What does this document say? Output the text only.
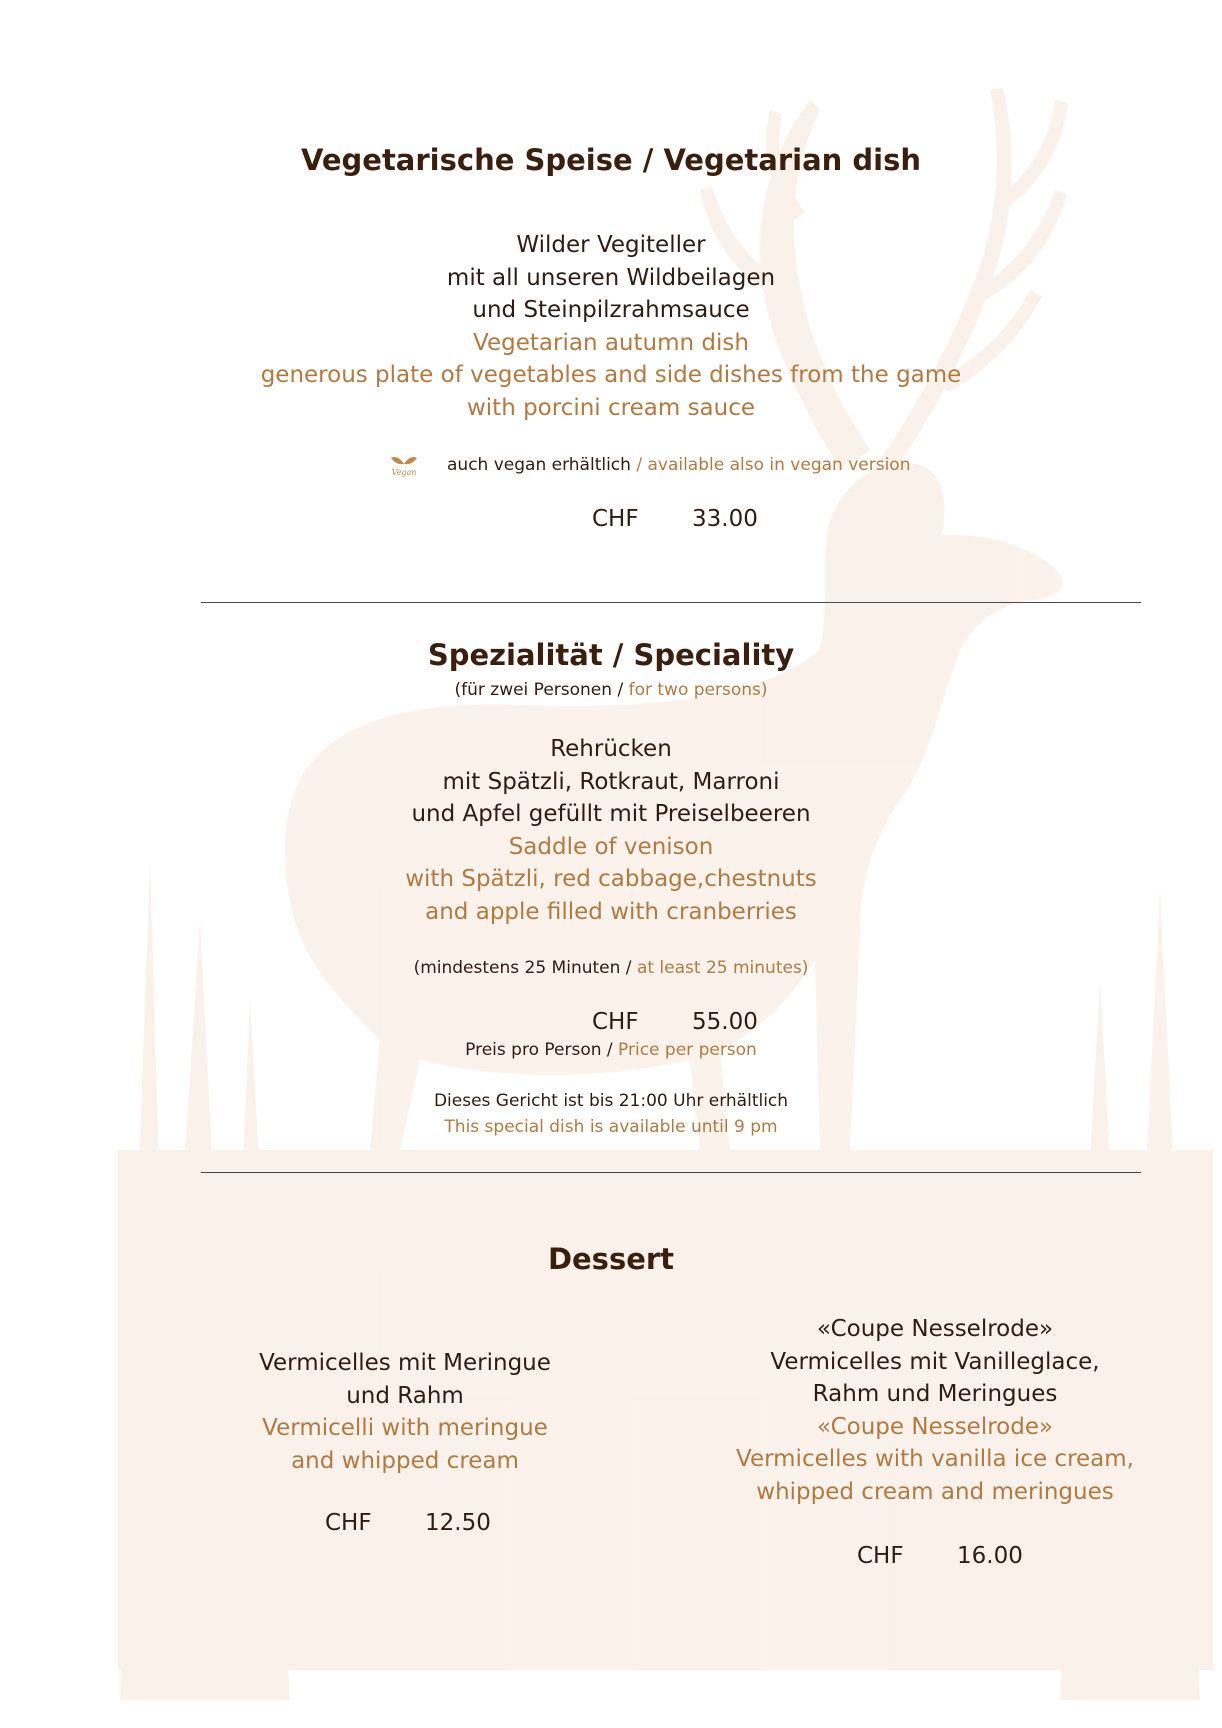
Vegetarische Speise / Vegetarian dish
Wilder Vegiteller
mit all unseren Wildbeilagen
und Steinpilzrahmsauce
Vegetarian autumn dish
generous plate of vegetables and side dishes from the game
with porcini cream sauce
Vegan auch vegan erhältlich / available also in vegan version
CHF 33.00
Spezialität / Speciality
(für zwei Personen / for two persons)
Rehrücken
mit Spätzli, Rotkraut, Marroni
und Apfel gefüllt mit Preiselbeeren
Saddle of venison
with Spätzli, red cabbage,chestnuts
and apple filled with cranberries
(mindestens 25 Minuten / at least 25 minutes)
CHF 55.00
Preis pro Person / Price per person
Dieses Gericht ist bis 21:00 Uhr erhältlich
This special dish is available until 9 pm
Dessert
Vermicelles mit Meringue
und Rahm
Vermicelli with meringue
and whipped cream
CHF 12.50
«Coupe Nesselrode»
Vermicelles mit Vanilleglace,
Rahm und Meringues
«Coupe Nesselrode»
Vermicelles with vanilla ice cream,
whipped cream and meringues
CHF 16.00
